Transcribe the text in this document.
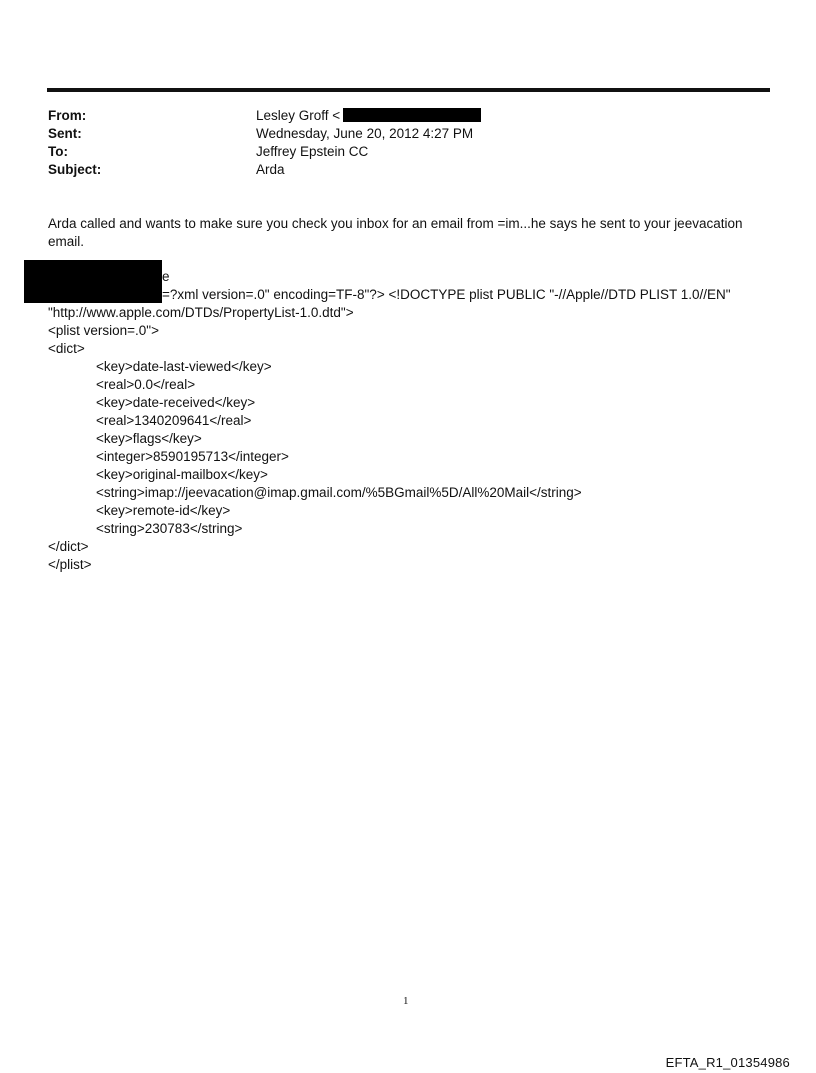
From:	Lesley Groff <
Sent:	Wednesday, June 20, 2012 4:27 PM
To:	Jeffrey Epstein CC
Subject:	Arda
Arda called and wants to make sure you check you inbox for an email from =im...he says he sent to your jeevacation email.
e
=?xml version=.0" encoding=TF-8"?> <!DOCTYPE plist PUBLIC "-//Apple//DTD PLIST 1.0//EN"
"http://www.apple.com/DTDs/PropertyList-1.0.dtd">
<plist version=.0">
<dict>
<key>date-last-viewed</key>
<real>0.0</real>
<key>date-received</key>
<real>1340209641</real>
<key>flags</key>
<integer>8590195713</integer>
<key>original-mailbox</key>
<string>imap://jeevacation@imap.gmail.com/%5BGmail%5D/All%20Mail</string>
<key>remote-id</key>
<string>230783</string>
</dict>
</plist>
1
EFTA_R1_01354986
